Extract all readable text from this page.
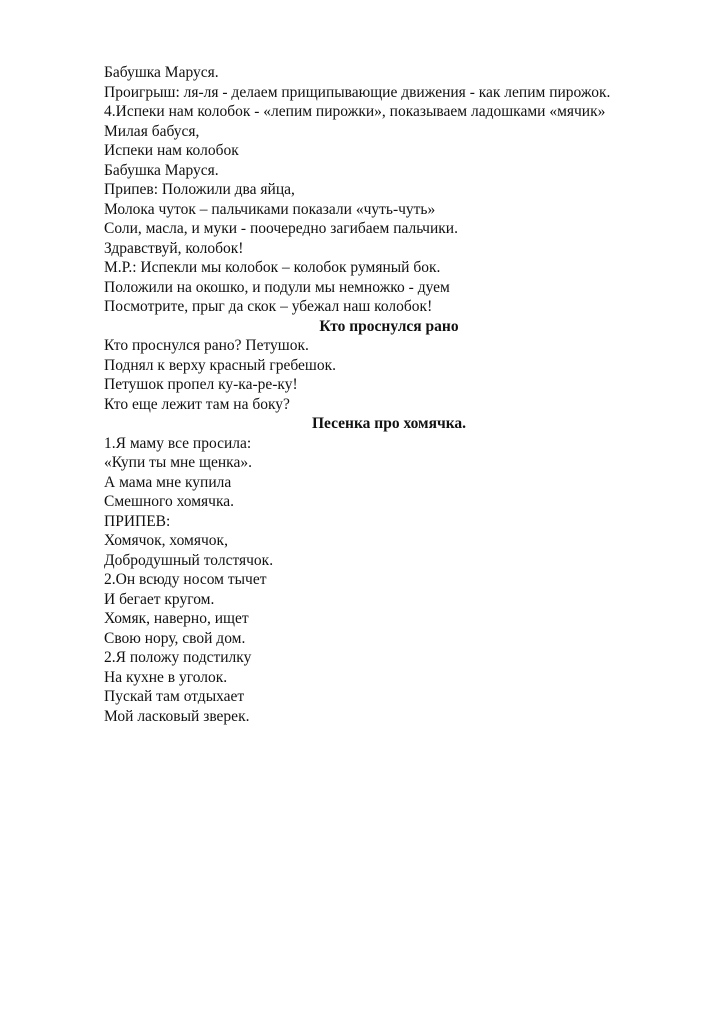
Бабушка Маруся.
Проигрыш: ля-ля - делаем прищипывающие движения - как лепим пирожок.
4.Испеки нам колобок - «лепим пирожки», показываем ладошками «мячик»
Милая бабуся,
Испеки нам колобок
Бабушка Маруся.
Припев: Положили два яйца,
Молока чуток – пальчиками показали «чуть-чуть»
Соли, масла, и муки - поочередно загибаем пальчики.
Здравствуй, колобок!
М.Р.: Испекли мы колобок – колобок румяный бок.
Положили на окошко, и подули мы немножко - дуем
Посмотрите, прыг да скок – убежал наш колобок!
Кто проснулся рано
Кто проснулся рано? Петушок.
Поднял к верху красный гребешок.
Петушок пропел ку-ка-ре-ку!
Кто еще лежит там на боку?
Песенка про хомячка.
1.Я маму все просила:
«Купи ты мне щенка».
А мама мне купила
Смешного хомячка.
ПРИПЕВ:
Хомячок, хомячок,
Добродушный толстячок.
2.Он всюду носом тычет
И бегает кругом.
Хомяк, наверно, ищет
Свою нору, свой дом.
2.Я положу подстилку
На кухне в уголок.
Пускай там отдыхает
Мой ласковый зверек.
